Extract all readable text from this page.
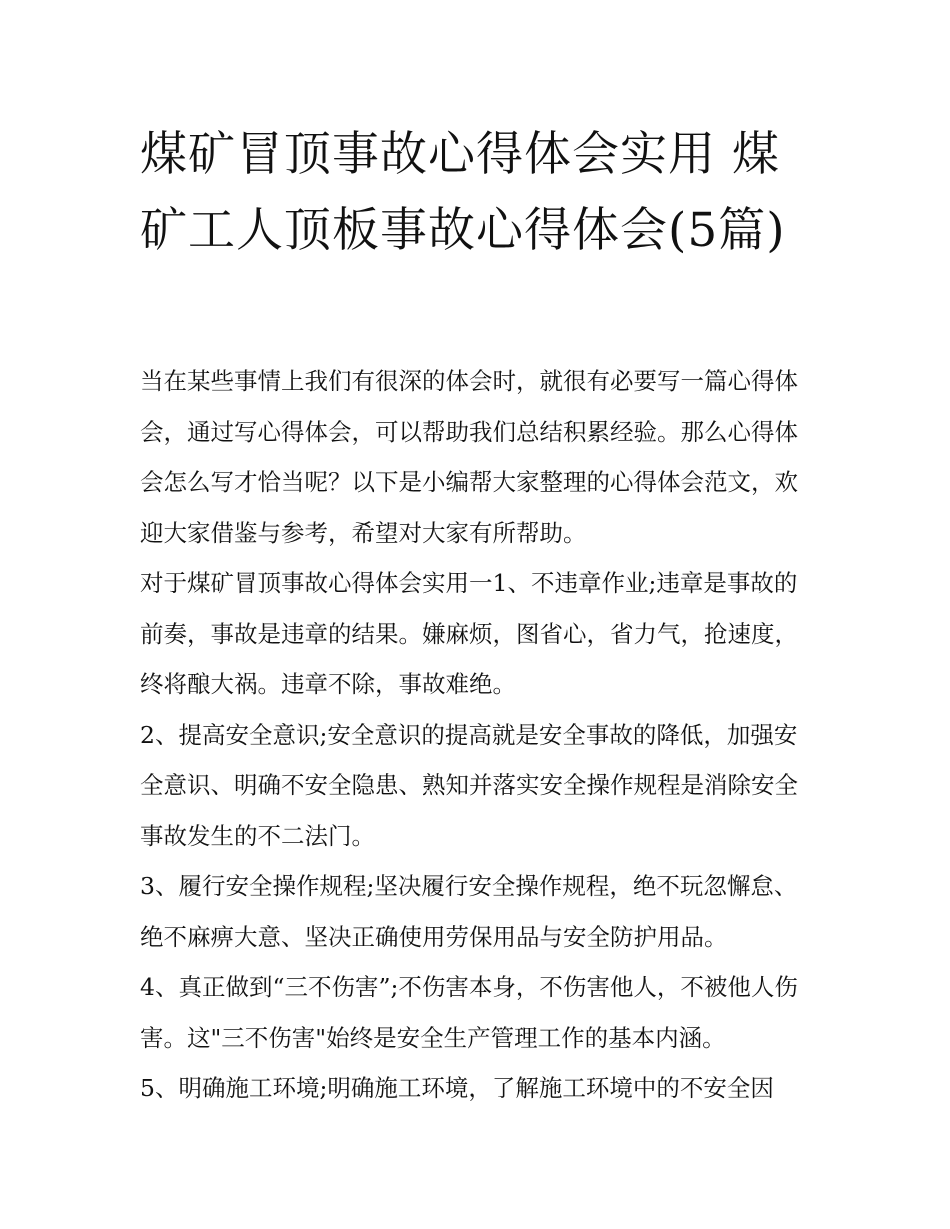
煤矿冒顶事故心得体会实用 煤矿工人顶板事故心得体会(5篇)

当在某些事情上我们有很深的体会时，就很有必要写一篇心得体会，通过写心得体会，可以帮助我们总结积累经验。那么心得体会怎么写才恰当呢？以下是小编帮大家整理的心得体会范文，欢迎大家借鉴与参考，希望对大家有所帮助。

对于煤矿冒顶事故心得体会实用一1、不违章作业;违章是事故的前奏，事故是违章的结果。嫌麻烦，图省心，省力气，抢速度，终将酿大祸。违章不除，事故难绝。

2、提高安全意识;安全意识的提高就是安全事故的降低，加强安全意识、明确不安全隐患、熟知并落实安全操作规程是消除安全事故发生的不二法门。

3、履行安全操作规程;坚决履行安全操作规程，绝不玩忽懈怠、绝不麻痹大意、坚决正确使用劳保用品与安全防护用品。

4、真正做到“三不伤害”;不伤害本身，不伤害他人，不被他人伤害。这"三不伤害"始终是安全生产管理工作的基本内涵。

5、明确施工环境;明确施工环境，了解施工环境中的不安全因
